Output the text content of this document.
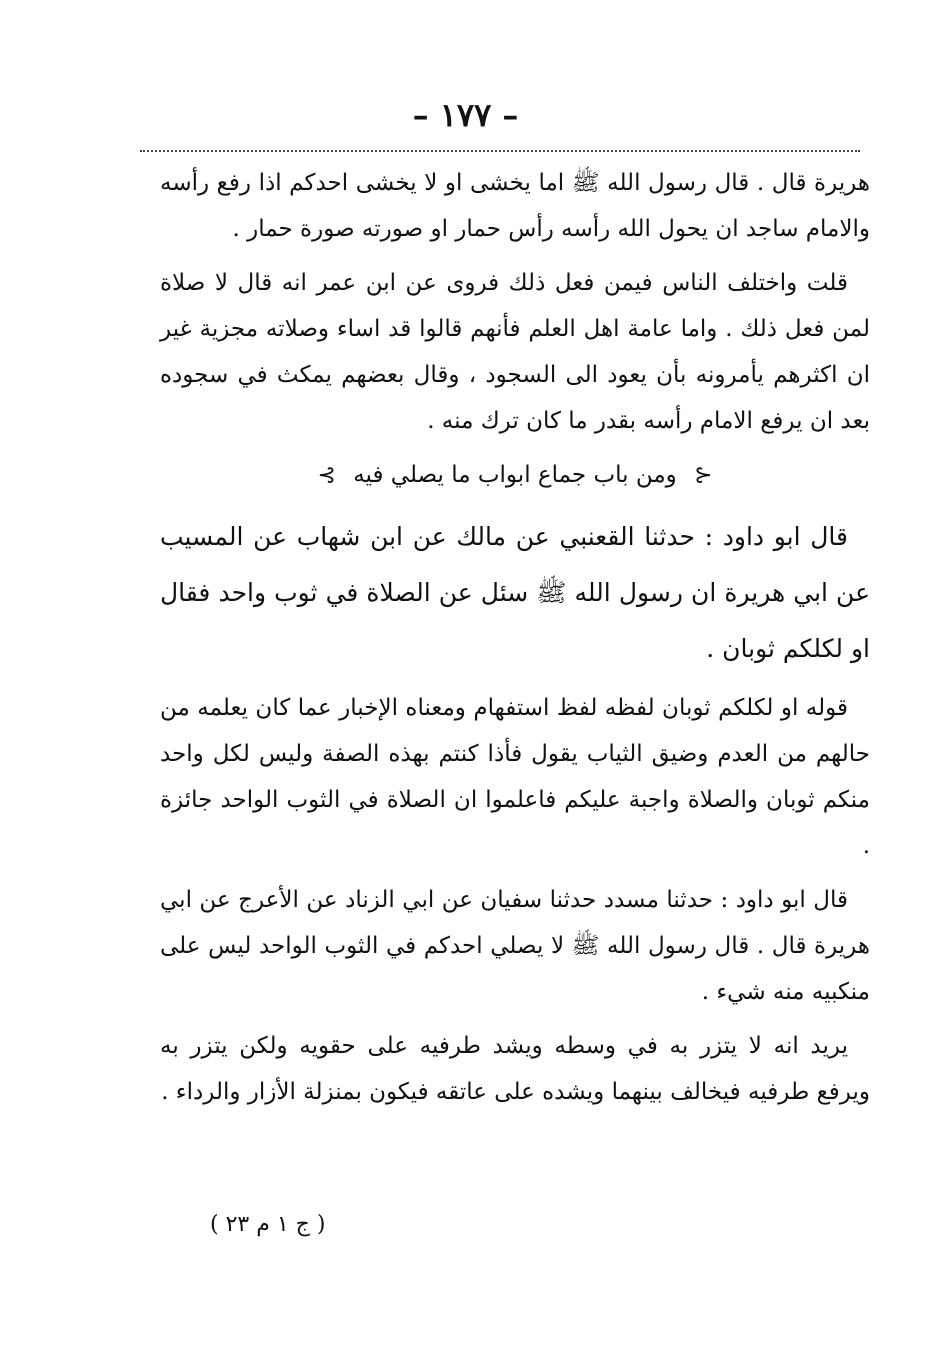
– ١٧٧ –

هريرة قال . قال رسول الله ﷺ اما يخشى او لا يخشى احدكم اذا رفع رأسه والامام ساجد ان يحول الله رأسه رأس حمار او صورته صورة حمار .

قلت واختلف الناس فيمن فعل ذلك فروى عن ابن عمر انه قال لا صلاة لمن فعل ذلك . واما عامة اهل العلم فأنهم قالوا قد اساء وصلاته مجزية غير ان اكثرهم يأمرونه بأن يعود الى السجود ، وقال بعضهم يمكث في سجوده بعد ان يرفع الامام رأسه بقدر ما كان ترك منه .

⊰ ومن باب جماع ابواب ما يصلي فيه ⊱

قال ابو داود : حدثنا القعنبي عن مالك عن ابن شهاب عن المسيب عن ابي هريرة ان رسول الله ﷺ سئل عن الصلاة في ثوب واحد فقال او لكلكم ثوبان .

قوله او لكلكم ثوبان لفظه لفظ استفهام ومعناه الإخبار عما كان يعلمه من حالهم من العدم وضيق الثياب يقول فأذا كنتم بهذه الصفة وليس لكل واحد منكم ثوبان والصلاة واجبة عليكم فاعلموا ان الصلاة في الثوب الواحد جائزة .

قال ابو داود : حدثنا مسدد حدثنا سفيان عن ابي الزناد عن الأعرج عن ابي هريرة قال . قال رسول الله ﷺ لا يصلي احدكم في الثوب الواحد ليس على منكبيه منه شيء .

يريد انه لا يتزر به في وسطه ويشد طرفيه على حقويه ولكن يتزر به ويرفع طرفيه فيخالف بينهما ويشده على عاتقه فيكون بمنزلة الأزار والرداء .

( ج ١ م ٢٣ )
